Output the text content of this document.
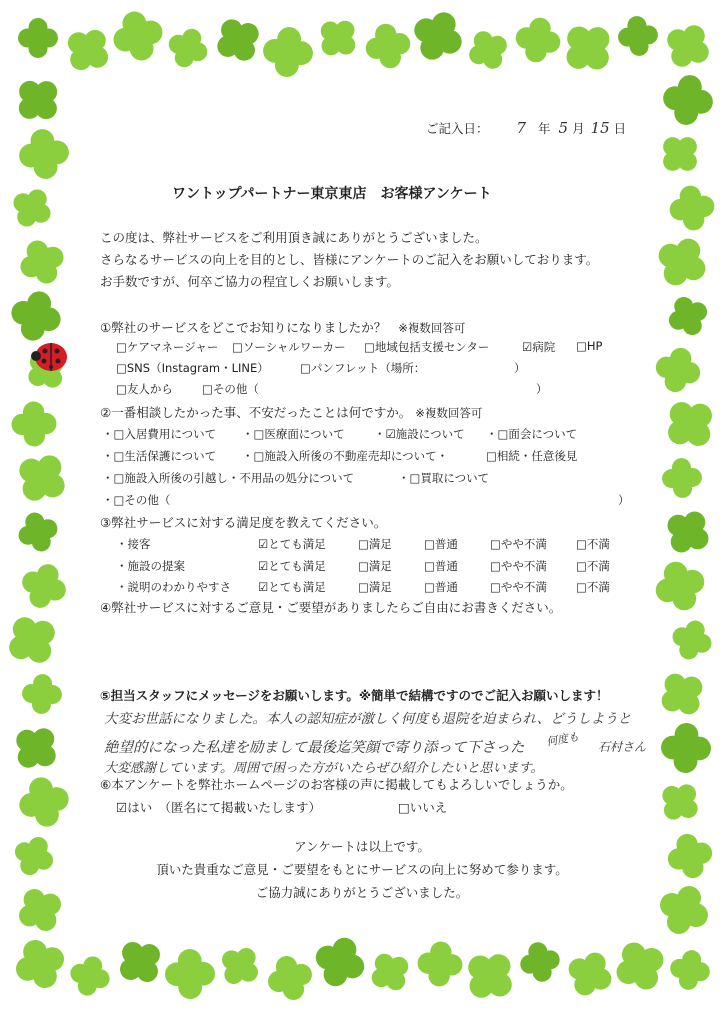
ご記入日： 7 年 5 月 15 日
ワントップパートナー東京東店　お客様アンケート
この度は、弊社サービスをご利用頂き誠にありがとうございました。
さらなるサービスの向上を目的とし、皆様にアンケートのご記入をお願いしております。
お手数ですが、何卒ご協力の程宜しくお願いします。
①弊社のサービスをどこでお知りになりましたか？ ※複数回答可
□ケアマネージャー □ソーシャルワーカー □地域包括支援センター	☑病院 □HP
□SNS（Instagram・LINE）	□パンフレット（場所：	）
□友人から	□その他（	）
②一番相談したかった事、不安だったことは何ですか。 ※複数回答可
・□入居費用について ・□医療面について	・☑施設について ・□面会について
・□生活保護について ・□施設入所後の不動産売却について・	□相続・任意後見
・□施設入所後の引越し・不用品の処分について	・□買取について
・□その他（	）
③弊社サービスに対する満足度を教えてください。
・接客	☑とても満足	□満足	□普通	□やや不満	□不満
・施設の提案	☑とても満足	□満足	□普通	□やや不満	□不満
・説明のわかりやすさ ☑とても満足	□満足	□普通	□やや不満	□不満
④弊社サービスに対するご意見・ご要望がありましたらご自由にお書きください。
⑤担当スタッフにメッセージをお願いします。※簡単で結構ですのでご記入お願いします！
大変お世話になりました。本人の認知症が激しく何度も退院を迫まられ、どうしようと
何度も
絶望的になった私達を励まして最後迄笑顔で寄り添って下さった	石村さん
大変感謝しています。周囲で困った方がいたらぜひ紹介したいと思います。
⑥本アンケートを弊社ホームページのお客様の声に掲載してもよろしいでしょうか。
☑はい　（匿名にて掲載いたします）	□いいえ
アンケートは以上です。
頂いた貴重なご意見・ご要望をもとにサービスの向上に努めて参ります。
ご協力誠にありがとうございました。
